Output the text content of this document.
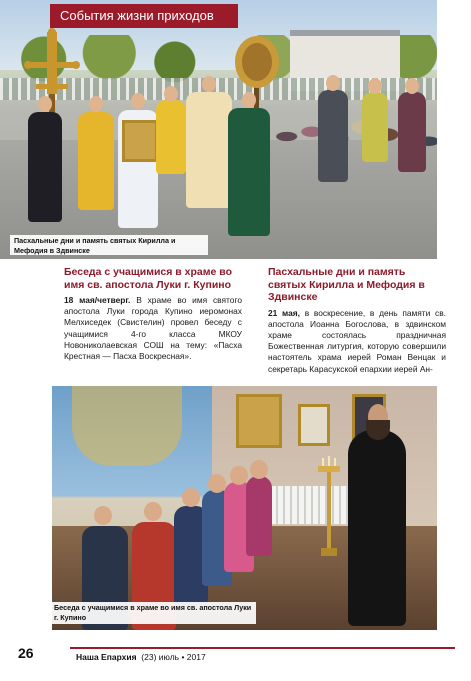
События жизни приходов
Пасхальные дни и память святых Кирилла и Мефодия в Здвинске
Беседа с учащимися в храме во имя св. апостола Луки г. Купино

18 мая/четверг. В храме во имя святого апостола Луки города Купино иеромонах Мелхиседек (Свистелин) провел беседу с учащимися 4-го класса МКОУ Новониколаевская СОШ на тему: «Пасха Крестная — Пасха Воскресная».

Пасхальные дни и память святых Кирилла и Мефодия в Здвинске

21 мая, в воскресение, в день памяти св. апостола Иоанна Богослова, в здвинском храме состоялась праздничная Божественная литургия, которую совершили настоятель храма иерей Роман Венцак и секретарь Карасукской епархии иерей Ан-

Беседа с учащимися в храме во имя св. апостола Луки г. Купино
26	Наша Епархия (23) июль • 2017
